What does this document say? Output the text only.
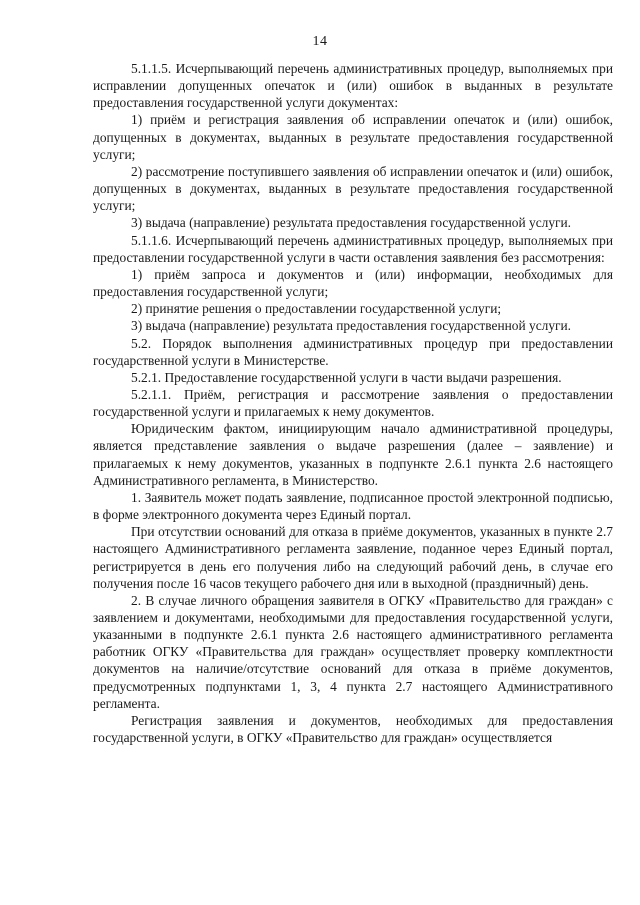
14

5.1.1.5. Исчерпывающий перечень административных процедур, выполняемых при исправлении допущенных опечаток и (или) ошибок в выданных в результате предоставления государственной услуги документах:

1) приём и регистрация заявления об исправлении опечаток и (или) ошибок, допущенных в документах, выданных в результате предоставления государственной услуги;

2) рассмотрение поступившего заявления об исправлении опечаток и (или) ошибок, допущенных в документах, выданных в результате предоставления государственной услуги;

3) выдача (направление) результата предоставления государственной услуги.

5.1.1.6. Исчерпывающий перечень административных процедур, выполняемых при предоставлении государственной услуги в части оставления заявления без рассмотрения:

1) приём запроса и документов и (или) информации, необходимых для предоставления государственной услуги;

2) принятие решения о предоставлении государственной услуги;

3) выдача (направление) результата предоставления государственной услуги.

5.2. Порядок выполнения административных процедур при предоставлении государственной услуги в Министерстве.

5.2.1. Предоставление государственной услуги в части выдачи разрешения.

5.2.1.1. Приём, регистрация и рассмотрение заявления о предоставлении государственной услуги и прилагаемых к нему документов.

Юридическим фактом, инициирующим начало административной процедуры, является представление заявления о выдаче разрешения (далее – заявление) и прилагаемых к нему документов, указанных в подпункте 2.6.1 пункта 2.6 настоящего Административного регламента, в Министерство.

1. Заявитель может подать заявление, подписанное простой электронной подписью, в форме электронного документа через Единый портал.

При отсутствии оснований для отказа в приёме документов, указанных в пункте 2.7 настоящего Административного регламента заявление, поданное через Единый портал, регистрируется в день его получения либо на следующий рабочий день, в случае его получения после 16 часов текущего рабочего дня или в выходной (праздничный) день.

2. В случае личного обращения заявителя в ОГКУ «Правительство для граждан» с заявлением и документами, необходимыми для предоставления государственной услуги, указанными в подпункте 2.6.1 пункта 2.6 настоящего административного регламента работник ОГКУ «Правительства для граждан» осуществляет проверку комплектности документов на наличие/отсутствие оснований для отказа в приёме документов, предусмотренных подпунктами 1, 3, 4 пункта 2.7 настоящего Административного регламента.

Регистрация заявления и документов, необходимых для предоставления государственной услуги, в ОГКУ «Правительство для граждан» осуществляется
